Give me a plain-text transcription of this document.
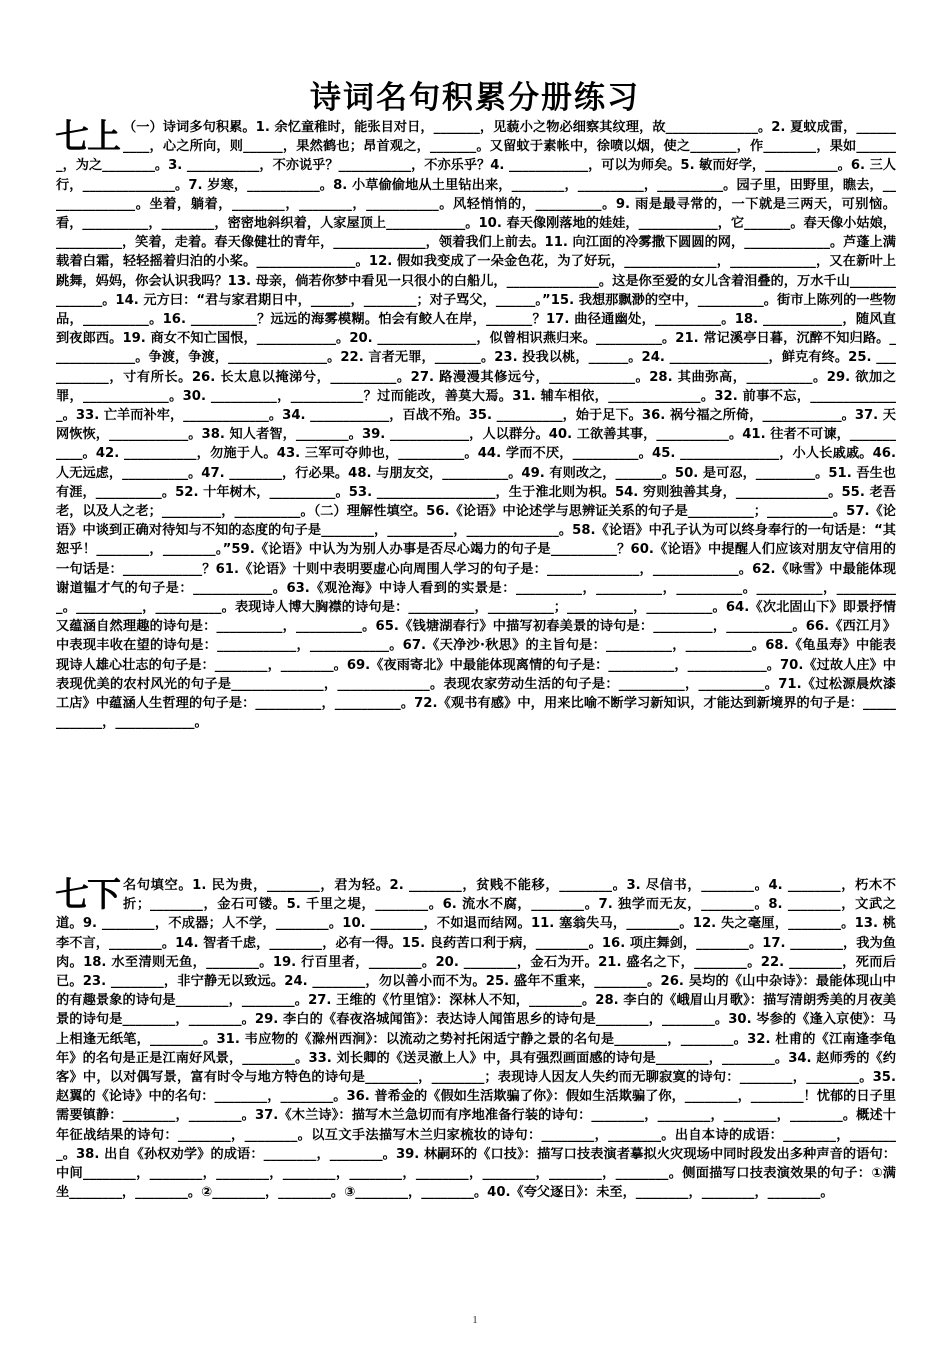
诗词名句积累分册练习
七上 （一）诗词多句积累。1. 余忆童稚时，能张目对日，_______，见藐小之物必细察其纹理，故______________。2. 夏蚊成雷，__________，心之所向，则______，果然鹤也；昂首观之，_______。又留蚊于素帐中，徐喷以烟，使之_______，作________，果如_______，为之________。3. ___________，不亦说乎？___________，不亦乐乎？4. ____________，可以为师矣。5. 敏而好学，___________。6. 三人行，______________。7. 岁寒，___________。8. 小草偷偷地从土里钻出来，________，__________，__________。园子里，田野里，瞧去，______________。坐着，躺着，________，________，___________。风轻悄悄的，__________。9. 雨是最寻常的，一下就是三两天，可别恼。看，__________，________，密密地斜织着，人家屋顶上____________。10. 春天像刚落地的娃娃，____________，它_______。春天像小姑娘，__________，笑着，走着。春天像健壮的青年，______________，领着我们上前去。11. 向江面的冷雾撒下圆圆的网，_____________。芦蓬上满载着白霜，轻轻摇着归泊的小桨。_______________。12. 假如我变成了一朵金色花，为了好玩，______________，_____________，又在新叶上跳舞，妈妈，你会认识我吗？13. 母亲，倘若你梦中看见一只很小的白船儿，______________。这是你至爱的女儿含着泪叠的，万水千山______________。14. 元方曰：“君与家君期日中，______，________；对子骂父，______。”15. 我想那飘渺的空中，__________。街市上陈列的一些物品，__________。16. __________？远远的海雾模糊。怕会有鲛人在岸，_______？17. 曲径通幽处，__________。18. ____________，随风直到夜郎西。19. 商女不知亡国恨，____________。20. _______________，似曾相识燕归来。__________。21. 常记溪亭日暮，沉醉不知归路。_____________。争渡，争渡，_______________。22. 言者无罪，_______。23. 投我以桃，______。24. _______________，鲜克有终。25. ___________，寸有所长。26. 长太息以掩涕兮，__________。27. 路漫漫其修远兮，_____________。28. 其曲弥高，__________。29. 欲加之罪，_____________。30. __________，___________？过而能改，善莫大焉。31. 辅车相依，______________。32. 前事不忘，______________。33. 亡羊而补牢，_____________。34. ____________，百战不殆。35. __________，始于足下。36. 祸兮福之所倚，____________。37. 天网恢恢，____________。38. 知人者智，________。39. ____________，人以群分。40. 工欲善其事，___________。41. 往者不可谏，___________。42. ___________，勿施于人。43. 三军可夺帅也，__________。44. 学而不厌，__________。45. _______________，小人长戚戚。46. 人无远虑，__________。47. ________，行必果。48. 与朋友交，__________。49. 有则改之，_______。50. 是可忍，_________。51. 吾生也有涯，__________。52. 十年树木，__________。53. __________________，生于淮北则为枳。54. 穷则独善其身，______________。55. 老吾老，以及人之老；_________，__________。（二）理解性填空。56.《论语》中论述学与思辨证关系的句子是__________；__________。57.《论语》中谈到正确对待知与不知的态度的句子是________，__________，______________。58.《论语》中孔子认为可以终身奉行的一句话是：“其恕乎！________，________。”59.《论语》中认为为别人办事是否尽心竭力的句子是__________？60.《论语》中提醒人们应该对朋友守信用的一句话是：____________？61.《论语》十则中表明要虚心向周围人学习的句子是：______________，_____________。62.《咏雪》中最能体现谢道韫才气的句子是：____________。63.《观沧海》中诗人看到的实景是：__________，__________，__________。__________，__________。__________，__________。表现诗人博大胸襟的诗句是：__________，__________；__________，__________。64.《次北固山下》即景抒情又蕴涵自然理趣的诗句是：__________，__________。65.《钱塘湖春行》中描写初春美景的诗句是：_________，__________。66.《西江月》中表现丰收在望的诗句是：____________，____________。67.《天净沙·秋思》的主旨句是：__________，__________。68.《龟虽寿》中能表现诗人雄心壮志的句子是：________，________。69.《夜雨寄北》中最能体现离情的句子是：__________，____________。70.《过故人庄》中表现优美的农村风光的句子是______________，______________。表现农家劳动生活的句子是：__________，__________。71.《过松源晨炊漆工店》中蕴涵人生哲理的句子是：__________，__________。72.《观书有感》中，用来比喻不断学习新知识，才能达到新境界的句子是：____________，____________。
七下 名句填空。1. 民为贵，________，君为轻。2. ________，贫贱不能移，________。3. 尽信书，________。4. ________，朽木不折；________，金石可镂。5. 千里之堤，________。6. 流水不腐，________。7. 独学而无友，________。8. ________，文武之道。9. ________，不成器；人不学，________。10. ________，不如退而结网。11. 塞翁失马，________。12. 失之毫厘，________。13. 桃李不言，________。14. 智者千虑，________，必有一得。15. 良药苦口利于病，________。16. 项庄舞剑，________。17. ________，我为鱼肉。18. 水至清则无鱼，________。19. 行百里者，________。20. ________，金石为开。21. 盛名之下，________。22. ________，死而后已。23. ________，非宁静无以致远。24. ________，勿以善小而不为。25. 盛年不重来，________。26. 吴均的《山中杂诗》：最能体现山中的有趣景象的诗句是________，________。27. 王维的《竹里馆》：深林人不知，________。28. 李白的《峨眉山月歌》：描写清朗秀美的月夜美景的诗句是________，________。29. 李白的《春夜洛城闻笛》：表达诗人闻笛思乡的诗句是________，________。30. 岑参的《逢入京使》：马上相逢无纸笔，________。31. 韦应物的《滁州西涧》：以流动之势衬托闲适宁静之景的名句是________，________。32. 杜甫的《江南逢李龟年》的名句是正是江南好风景，________。33. 刘长卿的《送灵澈上人》中，具有强烈画面感的诗句是________，________。34. 赵师秀的《约客》中，以对偶写景，富有时令与地方特色的诗句是________，________；表现诗人因友人失约而无聊寂寞的诗句：________，________。35. 赵翼的《论诗》中的名句：________，________。36. 普希金的《假如生活欺骗了你》：假如生活欺骗了你，________，________！忧郁的日子里需要镇静：________，________。37.《木兰诗》：描写木兰急切而有序地准备行装的诗句：________，________，________，________。概述十年征战结果的诗句：________，________。以互文手法描写木兰归家梳妆的诗句：________，________。出自本诗的成语：________，________。38. 出自《孙权劝学》的成语：________，________。39. 林嗣环的《口技》：描写口技表演者摹拟火灾现场中同时段发出多种声音的语句：中间________，________，________，________，________，________，________，________，________。侧面描写口技表演效果的句子：①满坐________，________。②________，________。③________，________。40.《夸父逐日》：未至，________，________，________。
1
